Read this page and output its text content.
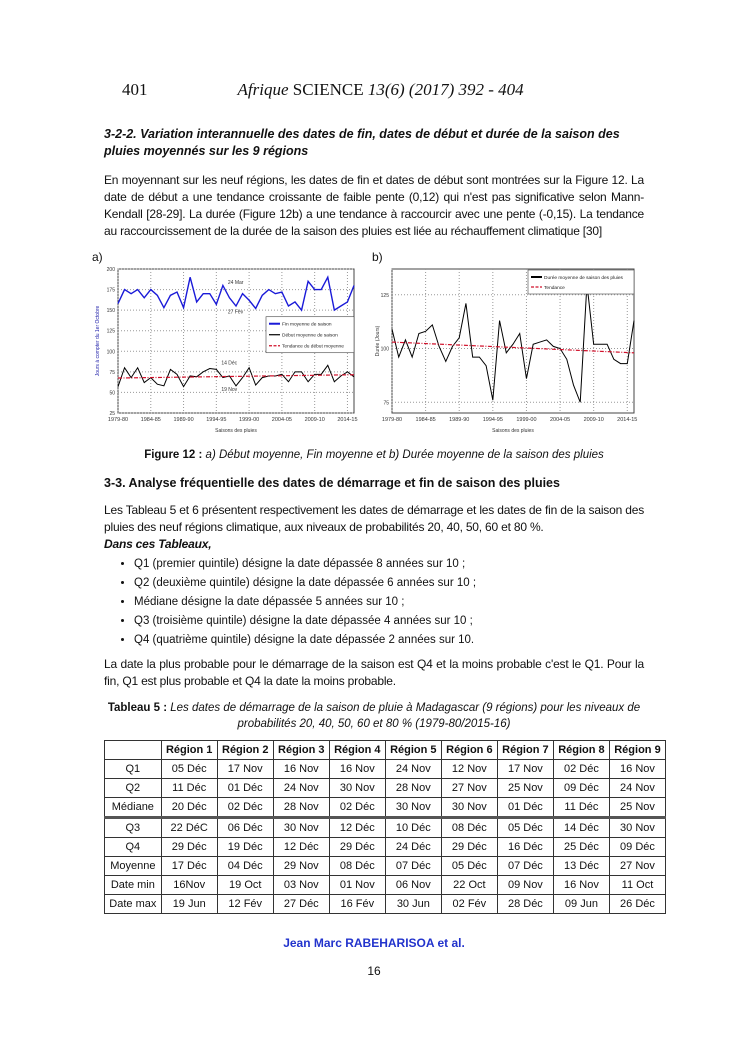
401	Afrique SCIENCE 13(6) (2017) 392 - 404
3-2-2. Variation interannuelle des dates de fin, dates de début et durée de la saison des pluies moyennés sur les 9 régions

En moyennant sur les neuf régions, les dates de fin et dates de début sont montrées sur la Figure 12. La date de début a une tendance croissante de faible pente (0,12) qui n'est pas significative selon Mann-Kendall [28-29]. La durée (Figure 12b) a une tendance à raccourcir avec une pente (-0,15). La tendance au raccourcissement de la durée de la saison des pluies est liée au réchauffement climatique [30]

a)
25
50
75
100
125
150
175
200
1979-80 1984-85 1989-90 1994-95 1999-00 2004-05 2009-10 2014-15
Saisons des pluies
Jours à compter du 1er Octobre
24 Mar
27 Fév
14 Déc
19 Nov
Fin moyenne de saison
Début moyenne de saison
Tendance du début moyenne
b)
75
100
125
1979-80 1984-85 1989-90 1994-95 1999-00 2004-05 2009-10 2014-15
Saisons des pluies
Durée (Jours)
Durée moyenne de saison des pluies
Tendance
Figure 12 : a) Début moyenne, Fin moyenne et b) Durée moyenne de la saison des pluies
3-3. Analyse fréquentielle des dates de démarrage et fin de saison des pluies

Les Tableau 5 et 6 présentent respectivement les dates de démarrage et les dates de fin de la saison des pluies des neuf régions climatique, aux niveaux de probabilités 20, 40, 50, 60 et 80 %.

Dans ces Tableaux,

• Q1 (premier quintile) désigne la date dépassée 8 années sur 10 ;
• Q2 (deuxième quintile) désigne la date dépassée 6 années sur 10 ;
• Médiane désigne la date dépassée 5 années sur 10 ;
• Q3 (troisième quintile) désigne la date dépassée 4 années sur 10 ;
• Q4 (quatrième quintile) désigne la date dépassée 2 années sur 10.

La date la plus probable pour le démarrage de la saison est Q4 et la moins probable c'est le Q1. Pour la fin, Q1 est plus probable et Q4 la date la moins probable.

Tableau 5 : Les dates de démarrage de la saison de pluie à Madagascar (9 régions) pour les niveaux de probabilités 20, 40, 50, 60 et 80 % (1979-80/2015-16)
	Région 1	Région 2	Région 3	Région 4	Région 5	Région 6	Région 7	Région 8	Région 9
Q1	05 Déc	17 Nov	16 Nov	16 Nov	24 Nov	12 Nov	17 Nov	02 Déc	16 Nov
Q2	11 Déc	01 Déc	24 Nov	30 Nov	28 Nov	27 Nov	25 Nov	09 Déc	24 Nov
Médiane	20 Déc	02 Déc	28 Nov	02 Déc	30 Nov	30 Nov	01 Déc	11 Déc	25 Nov
Q3	22 DéC	06 Déc	30 Nov	12 Déc	10 Déc	08 Déc	05 Déc	14 Déc	30 Nov
Q4	29 Déc	19 Déc	12 Déc	29 Déc	24 Déc	29 Déc	16 Déc	25 Déc	09 Déc
Moyenne	17 Déc	04 Déc	29 Nov	08 Déc	07 Déc	05 Déc	07 Déc	13 Déc	27 Nov
Date min	16Nov	19 Oct	03 Nov	01 Nov	06 Nov	22 Oct	09 Nov	16 Nov	11 Oct
Date max	19 Jun	12 Fév	27 Déc	16 Fév	30 Jun	02 Fév	28 Déc	09 Jun	26 Déc
Jean Marc RABEHARISOA et al.
16
